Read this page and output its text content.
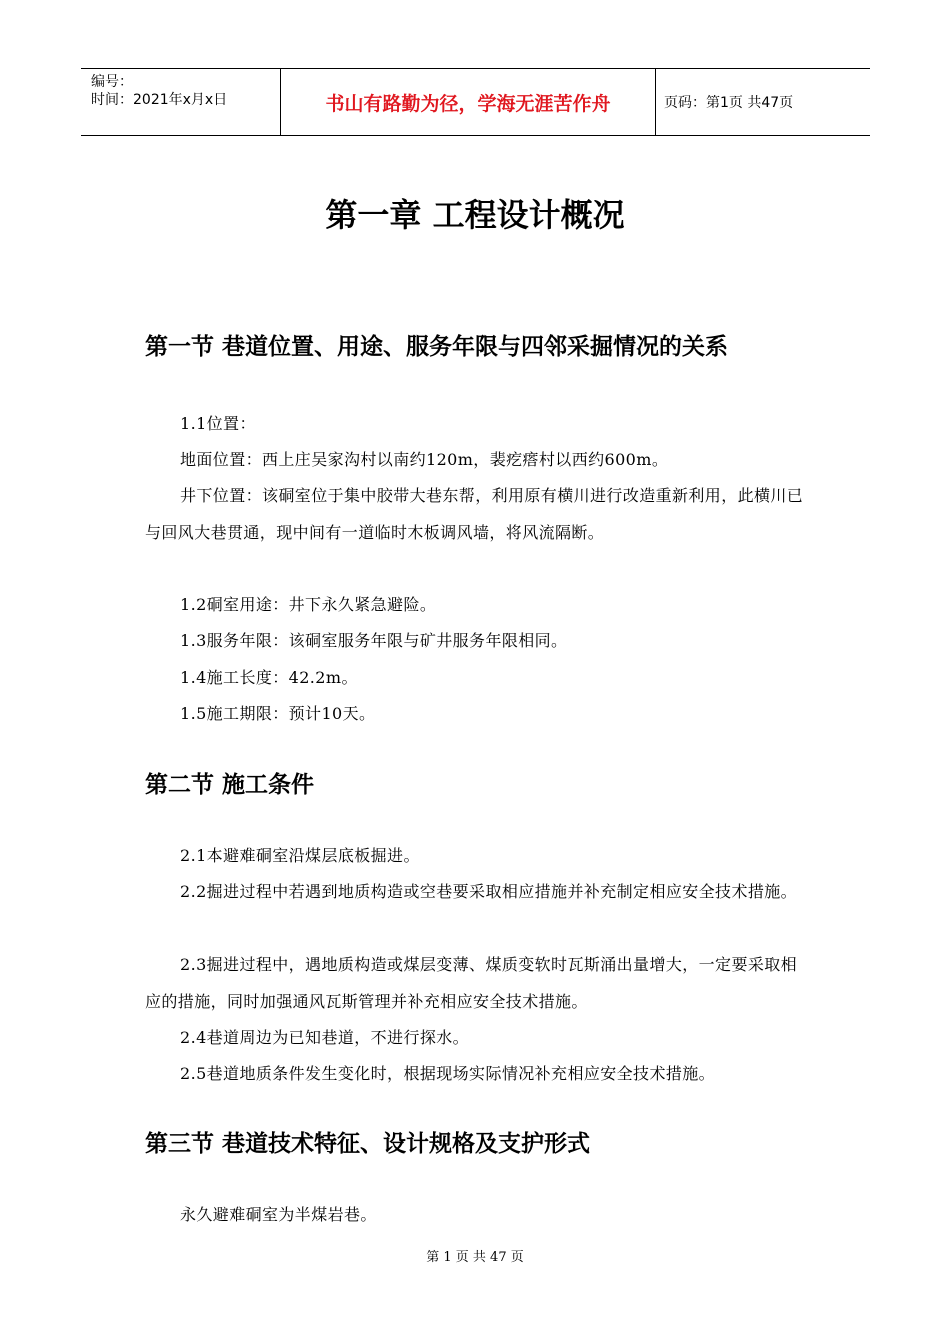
编号：
时间：2021年x月x日	书山有路勤为径，学海无涯苦作舟	页码：第1页 共47页
第一章 工程设计概况
第一节 巷道位置、用途、服务年限与四邻采掘情况的关系

1.1位置：

地面位置：西上庄吴家沟村以南约120m，裴疙瘩村以西约600m。

井下位置：该硐室位于集中胶带大巷东帮，利用原有横川进行改造重新利用，此横川已与回风大巷贯通，现中间有一道临时木板调风墙，将风流隔断。

1.2硐室用途：井下永久紧急避险。

1.3服务年限：该硐室服务年限与矿井服务年限相同。

1.4施工长度：42.2m。

1.5施工期限：预计10天。

第二节 施工条件

2.1本避难硐室沿煤层底板掘进。

2.2掘进过程中若遇到地质构造或空巷要采取相应措施并补充制定相应安全技术措施。

2.3掘进过程中，遇地质构造或煤层变薄、煤质变软时瓦斯涌出量增大，一定要采取相应的措施，同时加强通风瓦斯管理并补充相应安全技术措施。

2.4巷道周边为已知巷道，不进行探水。

2.5巷道地质条件发生变化时，根据现场实际情况补充相应安全技术措施。

第三节 巷道技术特征、设计规格及支护形式

永久避难硐室为半煤岩巷。

第 1 页 共 47 页
